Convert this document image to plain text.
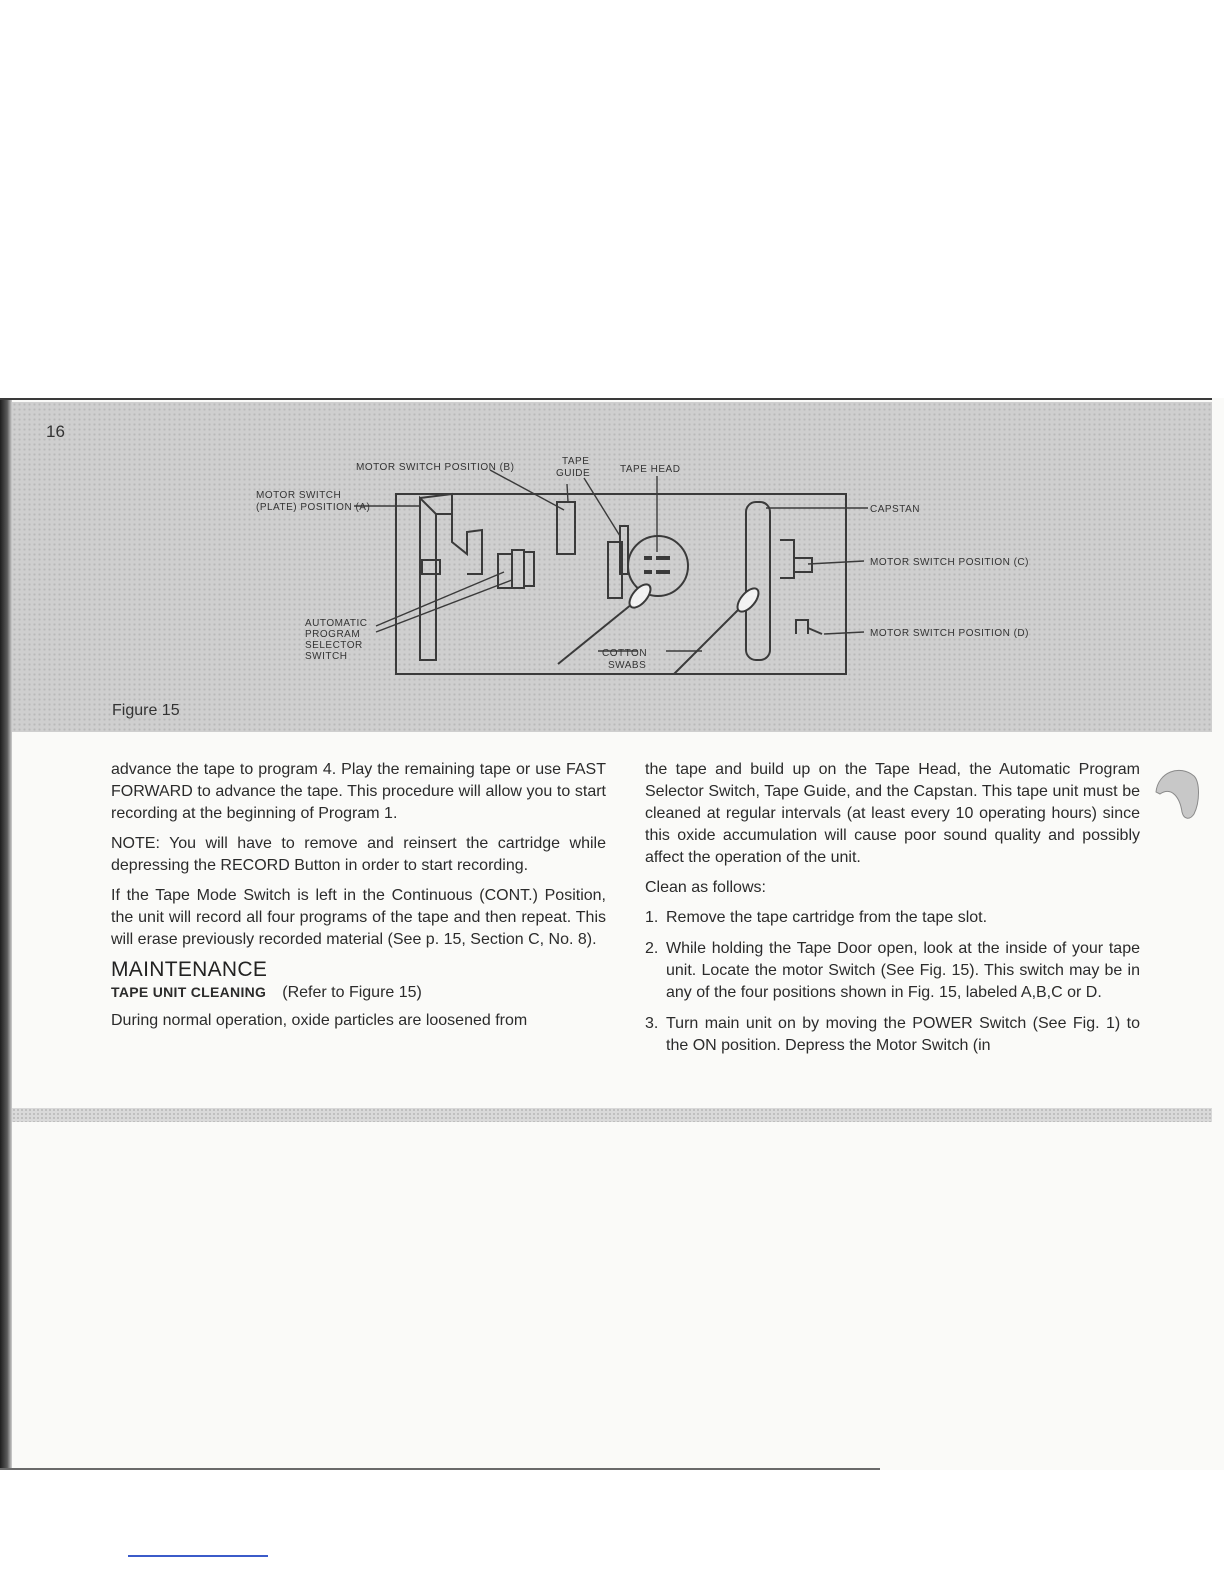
MOTOR SWITCH POSITION (B)
TAPE
GUIDE	TAPE HEAD
MOTOR SWITCH
(PLATE) POSITION (A)	CAPSTAN
MOTOR SWITCH POSITION (C)
MOTOR SWITCH POSITION (D)
AUTOMATIC
PROGRAM
SELECTOR
SWITCH	COTTON
SWABS
16
Figure 15

advance the tape to program 4. Play the remaining tape or use FAST FORWARD to advance the tape. This procedure will allow you to start recording at the beginning of Program 1.

NOTE: You will have to remove and reinsert the cartridge while depressing the RECORD Button in order to start recording.

If the Tape Mode Switch is left in the Continuous (CONT.) Position, the unit will record all four programs of the tape and then repeat. This will erase previously recorded material (See p. 15, Section C, No. 8).

MAINTENANCE
TAPE UNIT CLEANING (Refer to Figure 15)

During normal operation, oxide particles are loosened from

the tape and build up on the Tape Head, the Automatic Program Selector Switch, Tape Guide, and the Capstan. This tape unit must be cleaned at regular intervals (at least every 10 operating hours) since this oxide accumulation will cause poor sound quality and possibly affect the operation of the unit.

Clean as follows:

1. Remove the tape cartridge from the tape slot.
2. While holding the Tape Door open, look at the inside of your tape unit. Locate the motor Switch (See Fig. 15). This switch may be in any of the four positions shown in Fig. 15, labeled A,B,C or D.
3. Turn main unit on by moving the POWER Switch (See Fig. 1) to the ON position. Depress the Motor Switch (in
